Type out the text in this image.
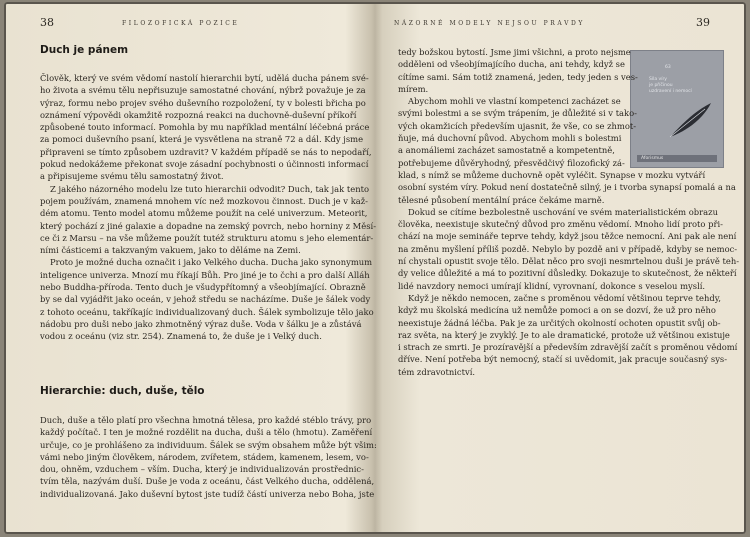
38	FILOZOFICKÁ POZICE
Duch je pánem
Člověk, který ve svém vědomí nastolí hierarchii bytí, udělá ducha pánem své-
ho života a svému tělu nepřisuzuje samostatné chování, nýbrž považuje je za
výraz, formu nebo projev svého duševního rozpoložení, ty v bolesti břicha po
oznámení výpovědi okamžitě rozpozná reakci na duchovně-duševní příkoří
způsobené touto informací. Pomohla by mu například mentální léčebná práce
za pomoci duševního psaní, která je vysvětlena na straně 72 a dál. Kdy jsme
připraveni se tímto způsobem uzdravit? V každém případě se nás to nepodaří,
pokud nedokážeme překonat svoje zásadní pochybnosti o účinnosti informací
a připisujeme svému tělu samostatný život.
Z jakého názorného modelu lze tuto hierarchii odvodit? Duch, tak jak tento
pojem používám, znamená mnohem víc než mozkovou činnost. Duch je v kaž-
dém atomu. Tento model atomu můžeme použít na celé univerzum. Meteorit,
který pochází z jiné galaxie a dopadne na zemský povrch, nebo horniny z Měsí-
ce či z Marsu – na vše můžeme použít tutéž strukturu atomu s jeho elementár-
ními částicemi a takzvaným vakuem, jako to děláme na Zemi.
Proto je možné ducha označit i jako Velkého ducha. Ducha jako synonymum
inteligence univerza. Mnozí mu říkají Bůh. Pro jiné je to čchi a pro další Alláh
nebo Buddha-příroda. Tento duch je všudypřítomný a všeobjímající. Obrazně
by se dal vyjádřit jako oceán, v jehož středu se nacházíme. Duše je šálek vody
z tohoto oceánu, takříkajíc individualizovaný duch. Šálek symbolizuje tělo jako
nádobu pro duši nebo jako zhmotněný výraz duše. Voda v šálku je a zůstává
vodou z oceánu (viz str. 254). Znamená to, že duše je i Velký duch.
Hierarchie: duch, duše, tělo
Duch, duše a tělo platí pro všechna hmotná tělesa, pro každé stéblo trávy, pro
každý počítač. I ten je možné rozdělit na ducha, duši a tělo (hmotu). Zaměření
určuje, co je prohlášeno za individuum. Šálek se svým obsahem může být všim:
vámi nebo jiným člověkem, národem, zvířetem, stádem, kamenem, lesem, vo-
dou, ohněm, vzduchem – vším. Ducha, který je individualizován prostřednic-
tvím těla, nazývám duší. Duše je voda z oceánu, část Velkého ducha, oddělená,
individualizovaná. Jako duševní bytost jste tudíž částí univerza nebo Boha, jste
NÁZORNÉ MODELY NEJSOU PRAVDY	39
63
Síla víry
je příčinou
uzdravení i nemocí
Aforismus
tedy božskou bytostí. Jsme jimi všichni, a proto nejsme
odděleni od všeobjímajícího ducha, ani tehdy, když se
cítíme sami. Sám totiž znamená, jeden, tedy jeden s ves-
mírem.
Abychom mohli ve vlastní kompetenci zacházet se
svými bolestmi a se svým trápením, je důležité si v tako-
vých okamžicích především ujasnit, že vše, co se zhmot-
ňuje, má duchovní původ. Abychom mohli s bolestmi
a anomáliemi zacházet samostatně a kompetentně,
potřebujeme důvěryhodný, přesvědčivý filozofický zá-
klad, s nímž se můžeme duchovně opět vyléčit. Synapse v mozku vytváří
osobní systém víry. Pokud není dostatečně silný, je i tvorba synapsí pomalá a na
tělesné působení mentální práce čekáme marně.
Dokud se cítíme bezbolestně uschování ve svém materialistickém obrazu
člověka, neexistuje skutečný důvod pro změnu vědomí. Mnoho lidí proto při-
chází na moje semináře teprve tehdy, když jsou těžce nemocní. Ani pak ale není
na změnu myšlení příliš pozdě. Nebylo by pozdě ani v případě, kdyby se nemoc-
ní chystali opustit svoje tělo. Dělat něco pro svoji nesmrtelnou duši je právě teh-
dy velice důležité a má to pozitivní důsledky. Dokazuje to skutečnost, že někteří
lidé navzdory nemoci umírají klidní, vyrovnaní, dokonce s veselou myslí.
Když je někdo nemocen, začne s proměnou vědomí většinou teprve tehdy,
když mu školská medicína už nemůže pomoci a on se dozví, že už pro něho
neexistuje žádná léčba. Pak je za určitých okolností ochoten opustit svůj ob-
raz světa, na který je zvyklý. Je to ale dramatické, protože už většinou existuje
i strach ze smrti. Je prozíravější a především zdravější začít s proměnou vědomí
dříve. Není potřeba být nemocný, stačí si uvědomit, jak pracuje současný sys-
tém zdravotnictví.
